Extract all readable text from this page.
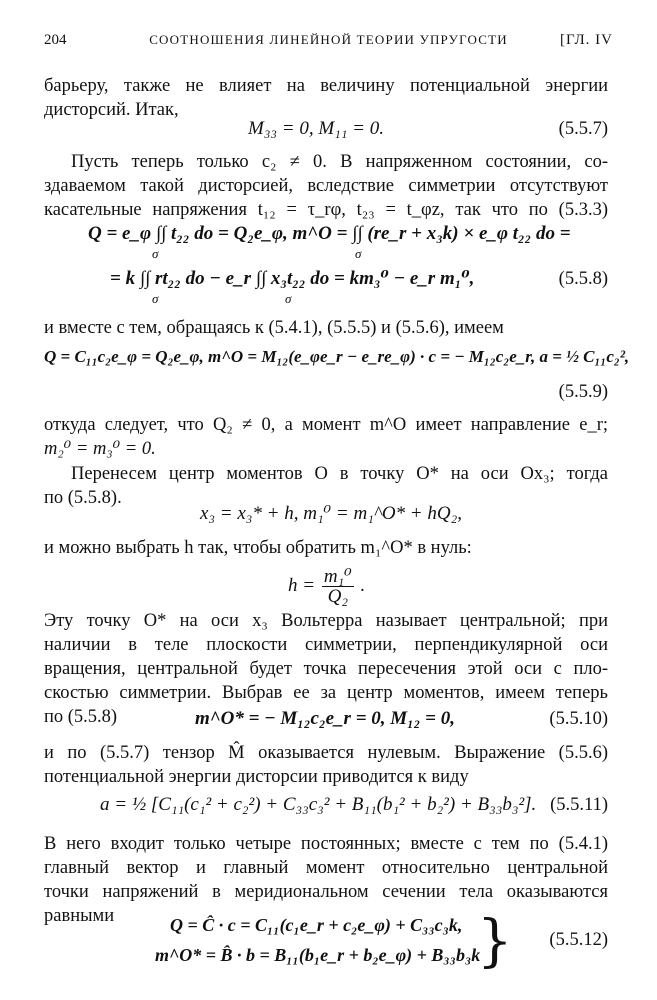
204	СООТНОШЕНИЯ ЛИНЕЙНОЙ ТЕОРИИ УПРУГОСТИ	[ГЛ. IV
барьеру, также не влияет на величину потенциальной энергии
дисторсий. Итак,
M₃₃ = 0, M₁₁ = 0.	(5.5.7)
Пусть теперь только c₂ ≠ 0. В напряженном состоянии, со-
здаваемом такой дисторсией, вследствие симметрии отсутствуют
касательные напряжения t₁₂ = τ_rφ, t₂₃ = t_φz, так что по (5.3.3)
Q = e_φ ∫∫ t₂₂ do = Q₂e_φ, m^O = ∫∫ (re_r + x₃k) × e_φ t₂₂ do =
σ	σ
= k ∫∫ rt₂₂ do − e_r ∫∫ x₃t₂₂ do = km₃⁰ − e_r m₁⁰,	(5.5.8)
σ	σ
и вместе с тем, обращаясь к (5.4.1), (5.5.5) и (5.5.6), имеем
Q = C₁₁c₂e_φ = Q₂e_φ, m^O = M₁₂(e_φe_r − e_re_φ) · c = − M₁₂c₂e_r, a = ½ C₁₁c₂²,
(5.5.9)
откуда следует, что Q₂ ≠ 0, а момент m^O имеет направление e_r;
m₂⁰ = m₃⁰ = 0.
Перенесем центр моментов O в точку O* на оси Ox₃; тогда
по (5.5.8).
x₃ = x₃* + h, m₁⁰ = m₁^O* + hQ₂,
и можно выбрать h так, чтобы обратить m₁^O* в нуль:
$h = \frac{\text{m₁⁰}}{\text{Q₂}}$ .
Эту точку O* на оси x₃ Вольтерра называет центральной; при
наличии в теле плоскости симметрии, перпендикулярной оси
вращения, центральной будет точка пересечения этой оси с пло-
скостью симметрии. Выбрав ее за центр моментов, имеем теперь
по (5.5.8)	m^O* = − M₁₂c₂e_r = 0, M₁₂ = 0,	(5.5.10)
и по (5.5.7) тензор M̂ оказывается нулевым. Выражение (5.5.6)
потенциальной энергии дисторсии приводится к виду
a = ½ [C₁₁(c₁² + c₂²) + C₃₃c₃² + B₁₁(b₁² + b₂²) + B₃₃b₃²]. (5.5.11)
В него входит только четыре постоянных; вместе с тем по (5.4.1)
главный вектор и главный момент относительно центральной
точки напряжений в меридиональном сечении тела оказываются
равными	Q = Ĉ · c = C₁₁(c₁e_r + c₂e_φ) + C₃₃c₃k,
m^O* = B̂ · b = B₁₁(b₁e_r + b₂e_φ) + B₃₃b₃k
} (5.5.12)
